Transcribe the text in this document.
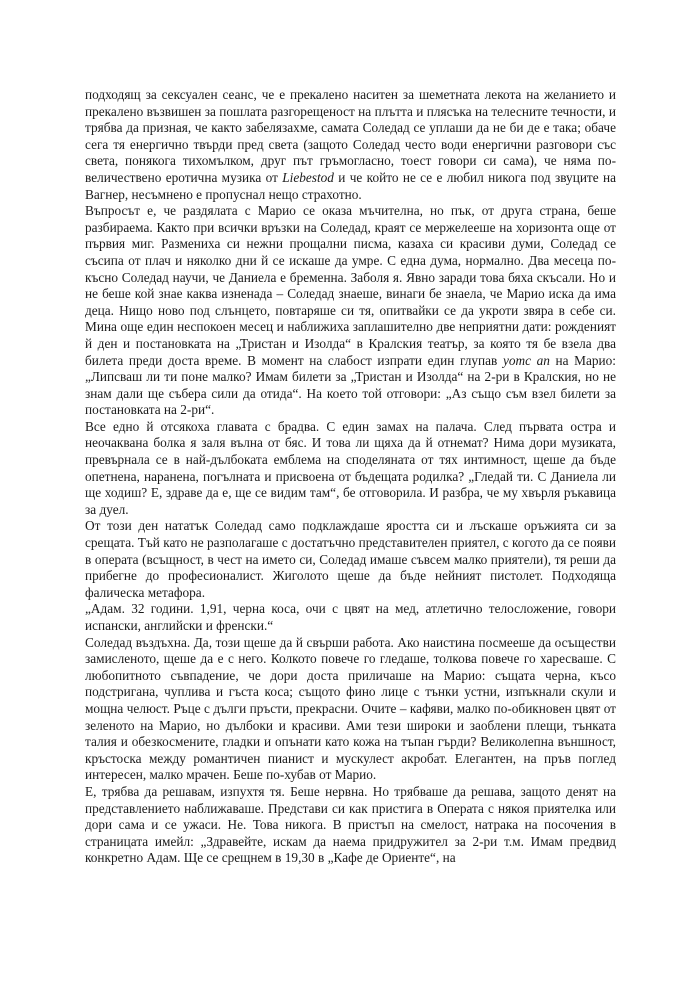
подходящ за сексуален сеанс, че е прекалено наситен за шеметната лекота на желанието и прекалено възвишен за пошлата разгорещеност на плътта и плясъка на телесните течности, и трябва да призная, че както забелязахме, самата Соледад се уплаши да не би де е така; обаче сега тя енергично твърди пред света (защото Соледад често води енергични разговори със света, понякога тихомълком, друг път гръмогласно, тоест говори си сама), че няма по-величествено еротична музика от Liebestod и че който не се е любил никога под звуците на Вагнер, несъмнено е пропуснал нещо страхотно.

Въпросът е, че раздялата с Марио се оказа мъчителна, но пък, от друга страна, беше разбираема. Както при всички връзки на Соледад, краят се мержелееше на хоризонта още от първия миг. Размениха си нежни прощални писма, казаха си красиви думи, Соледад се съсипа от плач и няколко дни й се искаше да умре. С една дума, нормално. Два месеца по-късно Соледад научи, че Даниела е бременна. Заболя я. Явно заради това бяха скъсали. Но и не беше кой знае каква изненада – Соледад знаеше, винаги бе знаела, че Марио иска да има деца. Нищо ново под слънцето, повтаряше си тя, опитвайки се да укроти звяра в себе си. Мина още един неспокоен месец и наближиха заплашително две неприятни дати: рожденият й ден и постановката на „Тристан и Изолда“ в Кралския театър, за която тя бе взела два билета преди доста време. В момент на слабост изпрати един глупав уотс ап на Марио: „Липсваш ли ти поне малко? Имам билети за „Тристан и Изолда“ на 2-ри в Кралския, но не знам дали ще събера сили да отида“. На което той отговори: „Аз също съм взел билети за постановката на 2-ри“.

Все едно й отсякоха главата с брадва. С един замах на палача. След първата остра и неочаквана болка я заля вълна от бяс. И това ли щяха да й отнемат? Нима дори музиката, превърнала се в най-дълбоката емблема на споделяната от тях интимност, щеше да бъде опетнена, наранена, погълната и присвоена от бъдещата родилка? „Гледай ти. С Даниела ли ще ходиш? Е, здраве да е, ще се видим там“, бе отговорила. И разбра, че му хвърля ръкавица за дуел.

От този ден нататък Соледад само подклаждаше яростта си и лъскаше оръжията си за срещата. Тъй като не разполагаше с достатъчно представителен приятел, с когото да се появи в операта (всъщност, в чест на името си, Соледад имаше съвсем малко приятели), тя реши да прибегне до професионалист. Жиголото щеше да бъде нейният пистолет. Подходяща фалическа метафора.

„Адам. 32 години. 1,91, черна коса, очи с цвят на мед, атлетично телосложение, говори испански, английски и френски.“

Соледад въздъхна. Да, този щеше да й свърши работа. Ако наистина посмееше да осъществи замисленото, щеше да е с него. Колкото повече го гледаше, толкова повече го харесваше. С любопитното съвпадение, че дори доста приличаше на Марио: същата черна, късо подстригана, чуплива и гъста коса; същото фино лице с тънки устни, изпъкнали скули и мощна челюст. Ръце с дълги пръсти, прекрасни. Очите – кафяви, малко по-обикновен цвят от зеленото на Марио, но дълбоки и красиви. Ами тези широки и заоблени плещи, тънката талия и обезкосмените, гладки и опънати като кожа на тъпан гърди? Великолепна външност, кръстоска между романтичен пианист и мускулест акробат. Елегантен, на пръв поглед интересен, малко мрачен. Беше по-хубав от Марио.

Е, трябва да решавам, изпухтя тя. Беше нервна. Но трябваше да решава, защото денят на представлението наближаваше. Представи си как пристига в Операта с някоя приятелка или дори сама и се ужаси. Не. Това никога. В пристъп на смелост, натрака на посочения в страницата имейл: „Здравейте, искам да наема придружител за 2-ри т.м. Имам предвид конкретно Адам. Ще се срещнем в 19,30 в „Кафе де Ориенте“, на
